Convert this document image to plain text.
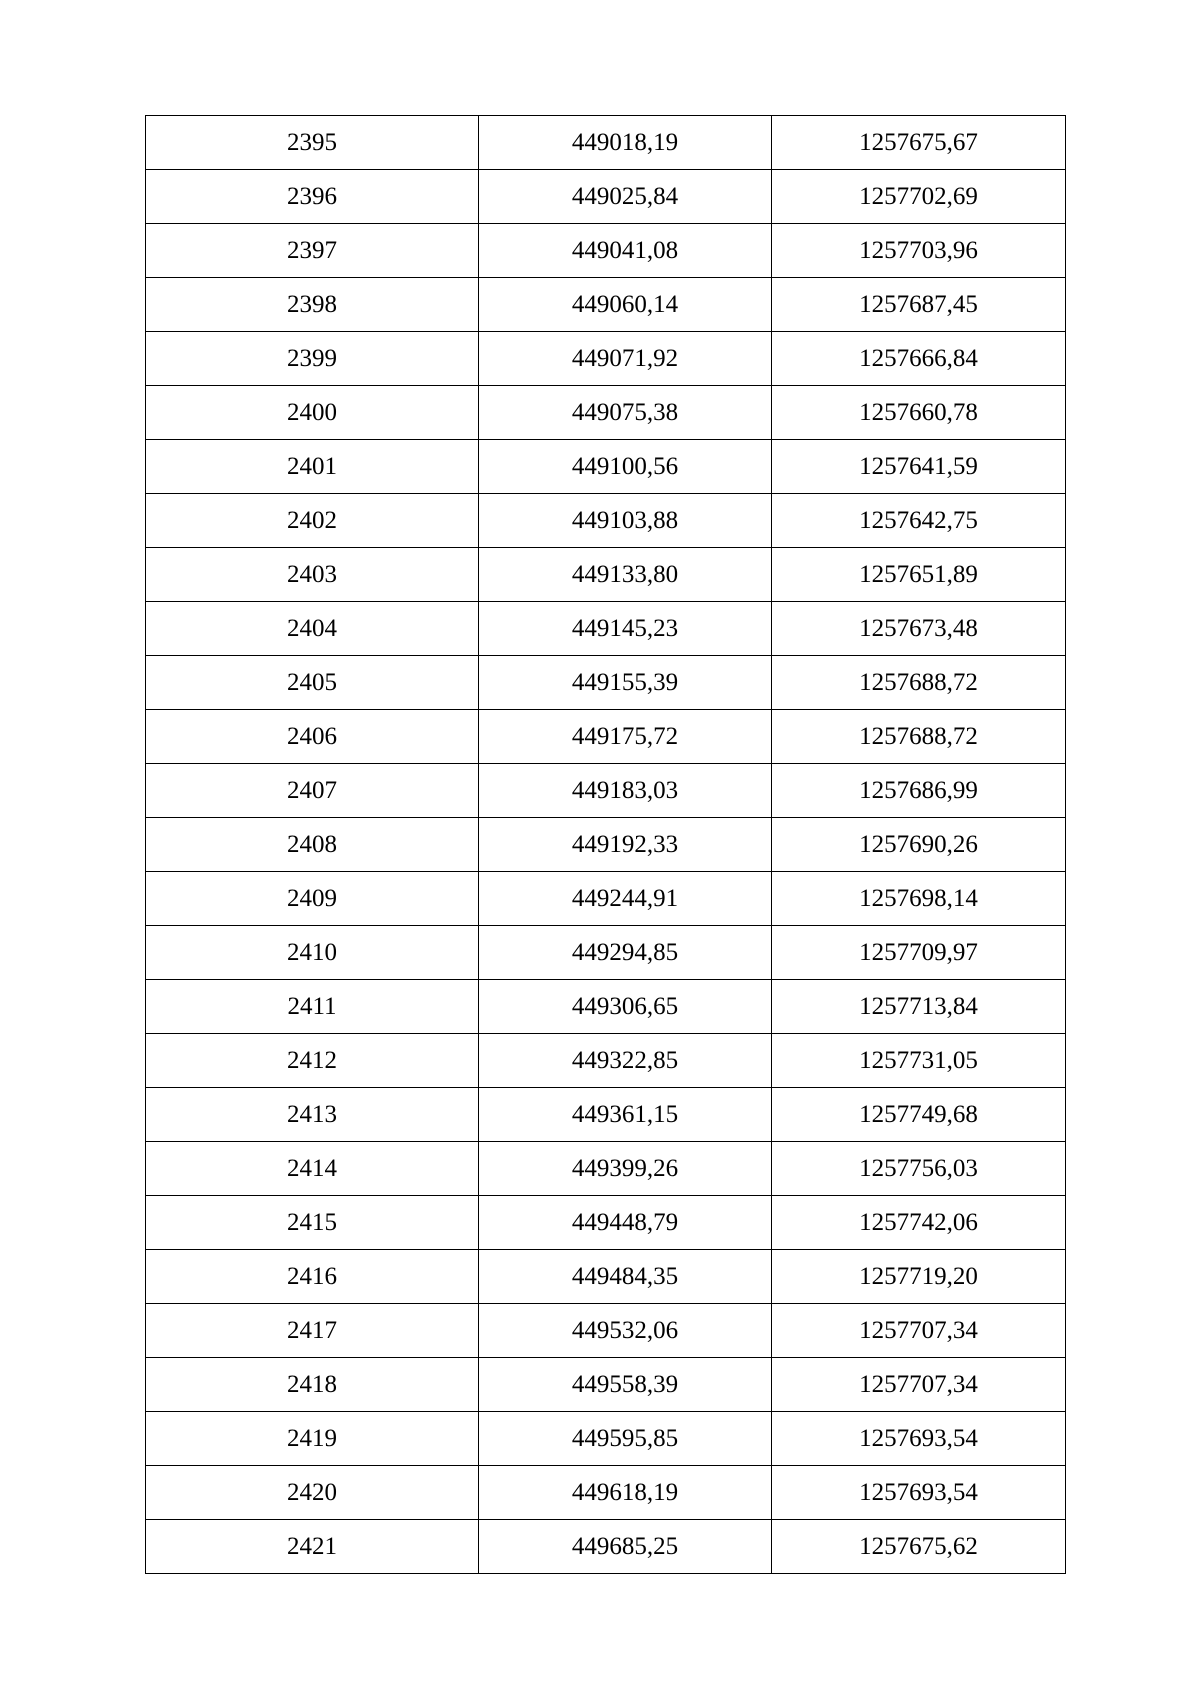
2395	449018,19	1257675,67
2396	449025,84	1257702,69
2397	449041,08	1257703,96
2398	449060,14	1257687,45
2399	449071,92	1257666,84
2400	449075,38	1257660,78
2401	449100,56	1257641,59
2402	449103,88	1257642,75
2403	449133,80	1257651,89
2404	449145,23	1257673,48
2405	449155,39	1257688,72
2406	449175,72	1257688,72
2407	449183,03	1257686,99
2408	449192,33	1257690,26
2409	449244,91	1257698,14
2410	449294,85	1257709,97
2411	449306,65	1257713,84
2412	449322,85	1257731,05
2413	449361,15	1257749,68
2414	449399,26	1257756,03
2415	449448,79	1257742,06
2416	449484,35	1257719,20
2417	449532,06	1257707,34
2418	449558,39	1257707,34
2419	449595,85	1257693,54
2420	449618,19	1257693,54
2421	449685,25	1257675,62
